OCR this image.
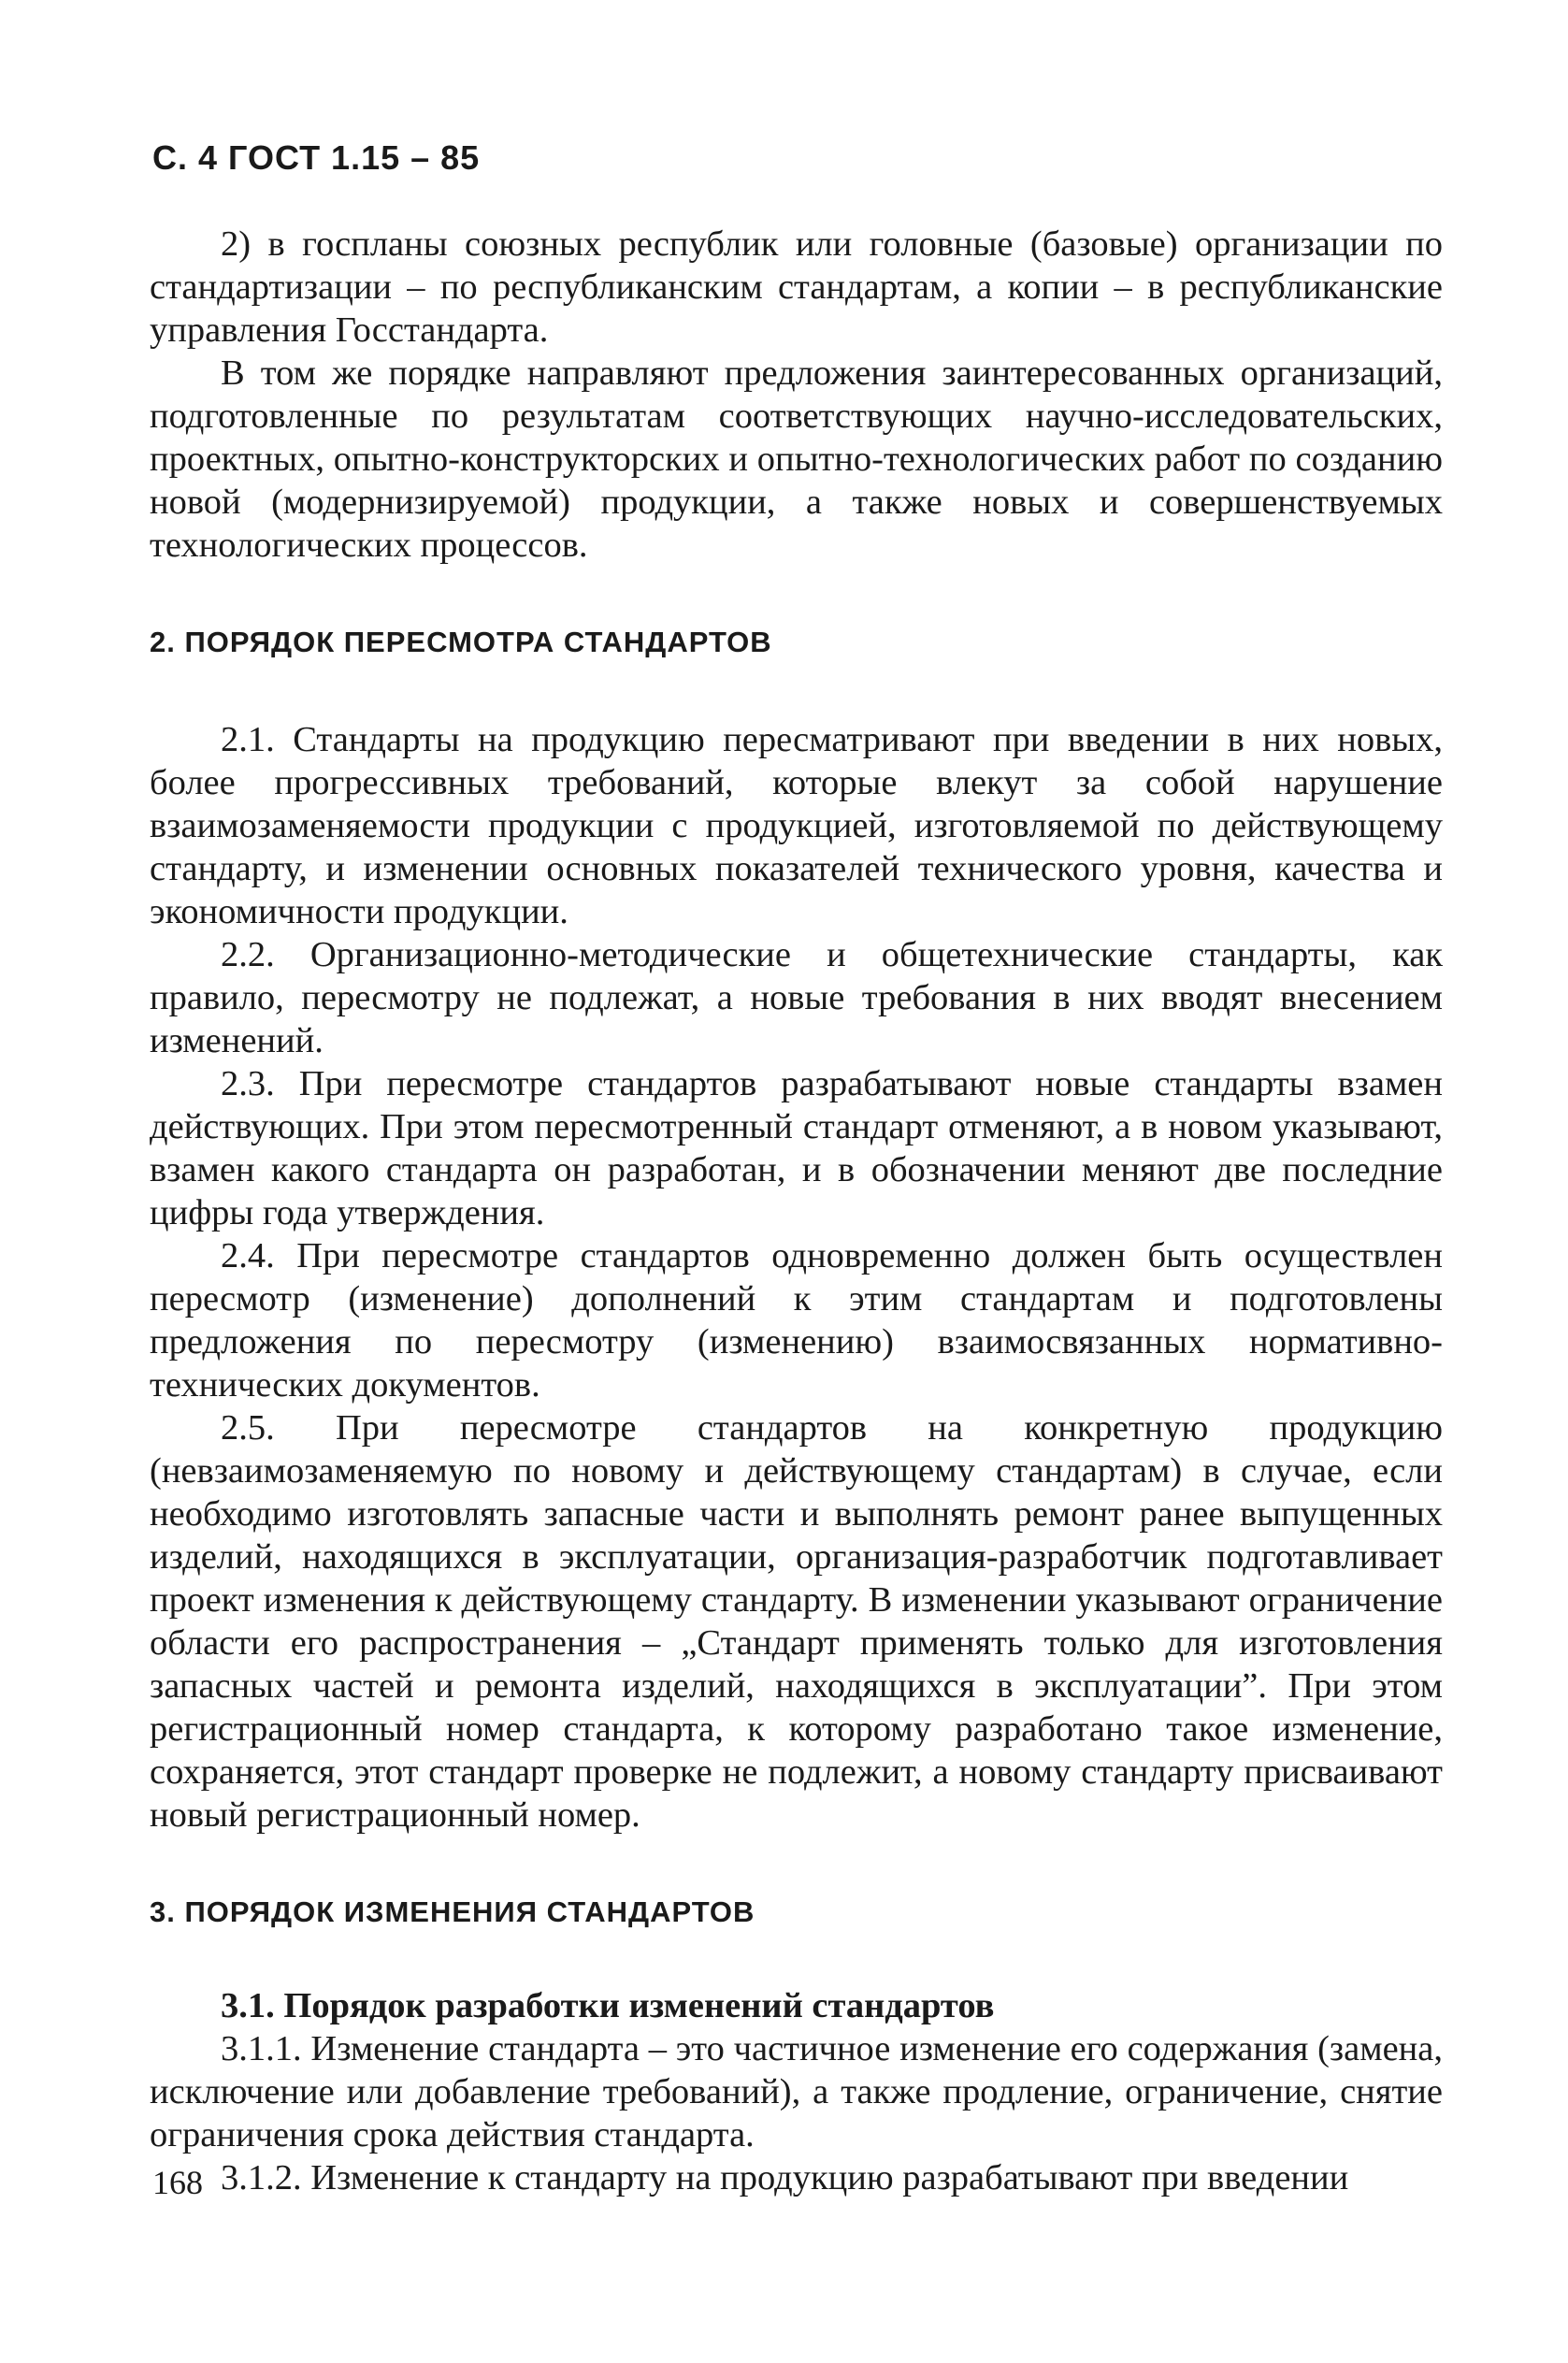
С. 4 ГОСТ 1.15 – 85

2) в госпланы союзных республик или головные (базовые) организации по стандартизации – по республиканским стандартам, а копии – в республиканские управления Госстандарта.

В том же порядке направляют предложения заинтересованных организаций, подготовленные по результатам соответствующих научно-исследовательских, проектных, опытно-конструкторских и опытно-технологических работ по созданию новой (модернизируемой) продукции, а также новых и совершенствуемых технологических процессов.

2. ПОРЯДОК ПЕРЕСМОТРА СТАНДАРТОВ

2.1. Стандарты на продукцию пересматривают при введении в них новых, более прогрессивных требований, которые влекут за собой нарушение взаимозаменяемости продукции с продукцией, изготовляемой по действующему стандарту, и изменении основных показателей технического уровня, качества и экономичности продукции.

2.2. Организационно-методические и общетехнические стандарты, как правило, пересмотру не подлежат, а новые требования в них вводят внесением изменений.

2.3. При пересмотре стандартов разрабатывают новые стандарты взамен действующих. При этом пересмотренный стандарт отменяют, а в новом указывают, взамен какого стандарта он разработан, и в обозначении меняют две последние цифры года утверждения.

2.4. При пересмотре стандартов одновременно должен быть осуществлен пересмотр (изменение) дополнений к этим стандартам и подготовлены предложения по пересмотру (изменению) взаимосвязанных нормативно-технических документов.

2.5. При пересмотре стандартов на конкретную продукцию (невзаимозаменяемую по новому и действующему стандартам) в случае, если необходимо изготовлять запасные части и выполнять ремонт ранее выпущенных изделий, находящихся в эксплуатации, организация-разработчик подготавливает проект изменения к действующему стандарту. В изменении указывают ограничение области его распространения – „Стандарт применять только для изготовления запасных частей и ремонта изделий, находящихся в эксплуатации”. При этом регистрационный номер стандарта, к которому разработано такое изменение, сохраняется, этот стандарт проверке не подлежит, а новому стандарту присваивают новый регистрационный номер.

3. ПОРЯДОК ИЗМЕНЕНИЯ СТАНДАРТОВ

3.1. Порядок разработки изменений стандартов

3.1.1. Изменение стандарта – это частичное изменение его содержания (замена, исключение или добавление требований), а также продление, ограничение, снятие ограничения срока действия стандарта.

3.1.2. Изменение к стандарту на продукцию разрабатывают при введении

168
